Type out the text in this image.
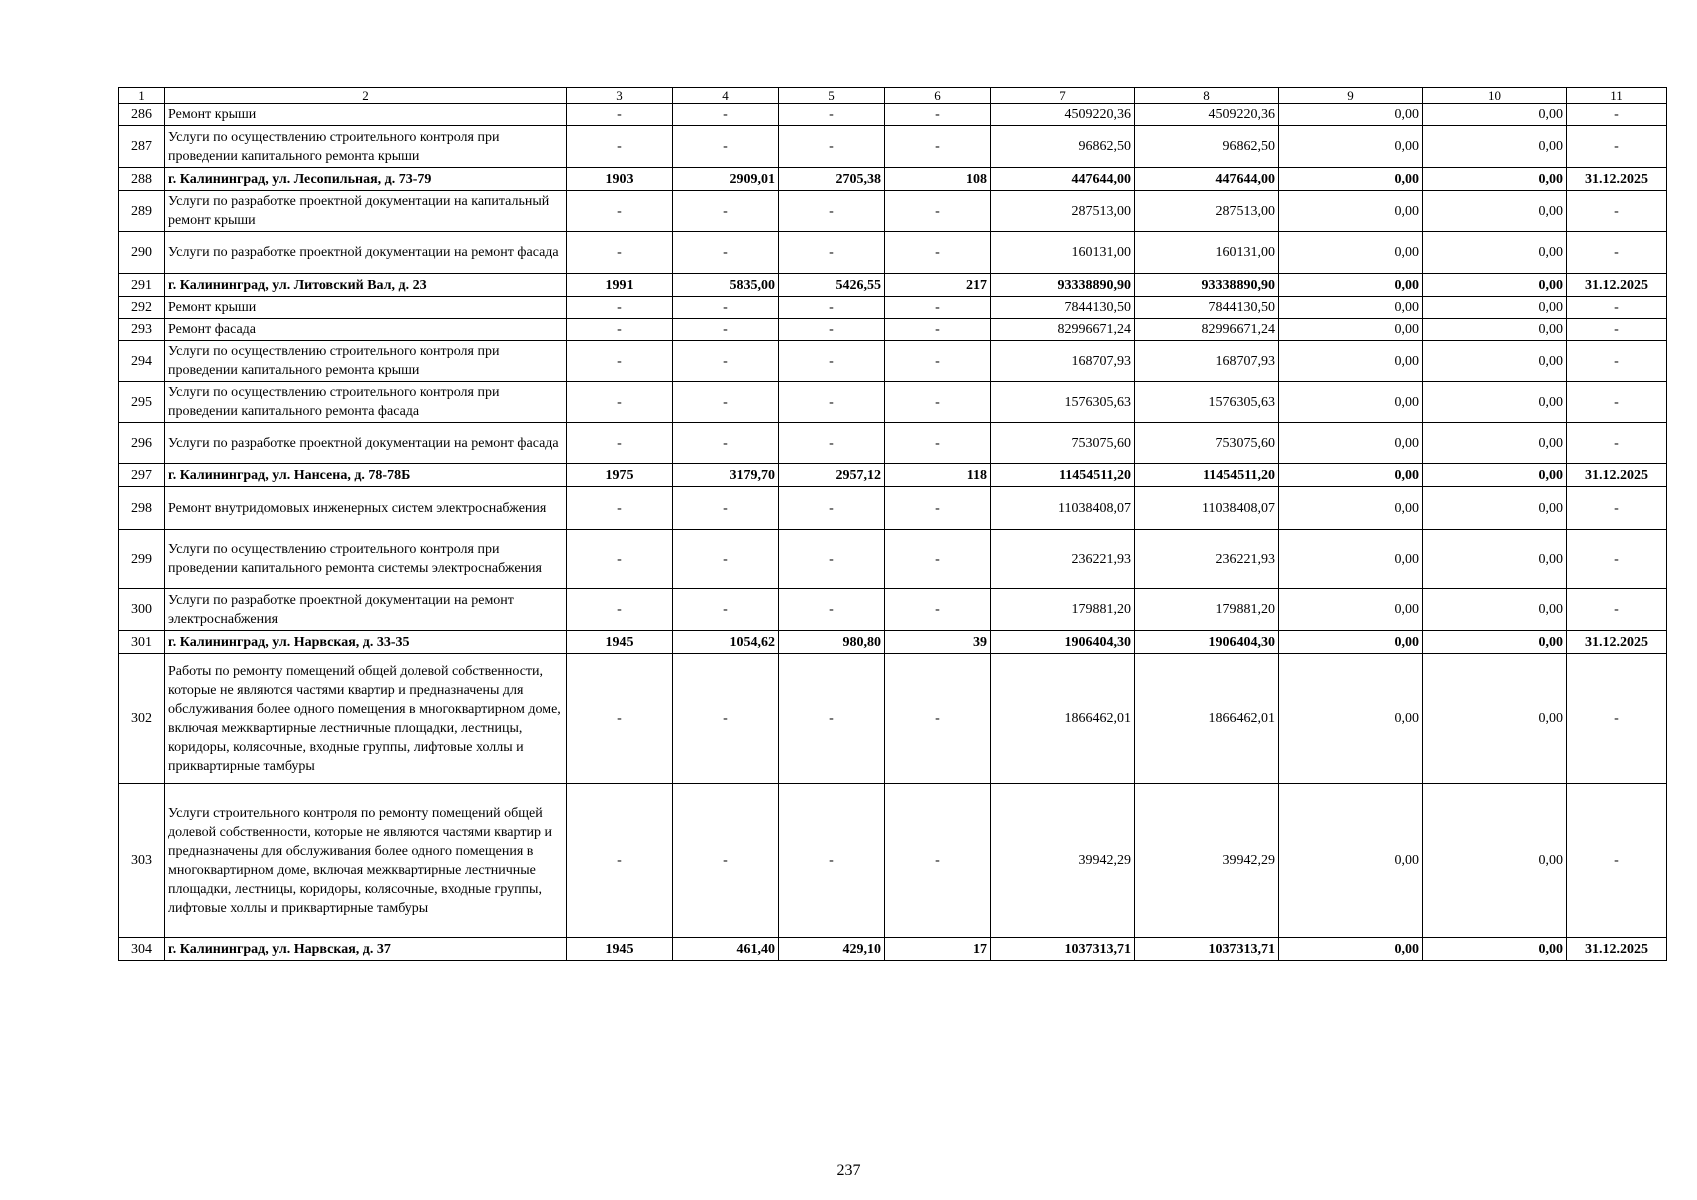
1	2	3	4	5	6	7	8	9	10	11
286	Ремонт крыши	-	-	-	-	4509220,36	4509220,36	0,00	0,00	-
287	Услуги по осуществлению строительного контроля при проведении капитального ремонта крыши	-	-	-	-	96862,50	96862,50	0,00	0,00	-
288	г. Калининград, ул. Лесопильная, д. 73-79	1903	2909,01	2705,38	108	447644,00	447644,00	0,00	0,00	31.12.2025
289	Услуги по разработке проектной документации на капитальный ремонт крыши	-	-	-	-	287513,00	287513,00	0,00	0,00	-
290	Услуги по разработке проектной документации на ремонт фасада	-	-	-	-	160131,00	160131,00	0,00	0,00	-
291	г. Калининград, ул. Литовский Вал, д. 23	1991	5835,00	5426,55	217	93338890,90	93338890,90	0,00	0,00	31.12.2025
292	Ремонт крыши	-	-	-	-	7844130,50	7844130,50	0,00	0,00	-
293	Ремонт фасада	-	-	-	-	82996671,24	82996671,24	0,00	0,00	-
294	Услуги по осуществлению строительного контроля при проведении капитального ремонта крыши	-	-	-	-	168707,93	168707,93	0,00	0,00	-
295	Услуги по осуществлению строительного контроля при проведении капитального ремонта фасада	-	-	-	-	1576305,63	1576305,63	0,00	0,00	-
296	Услуги по разработке проектной документации на ремонт фасада	-	-	-	-	753075,60	753075,60	0,00	0,00	-
297	г. Калининград, ул. Нансена, д. 78-78Б	1975	3179,70	2957,12	118	11454511,20	11454511,20	0,00	0,00	31.12.2025
298	Ремонт внутридомовых инженерных систем электроснабжения	-	-	-	-	11038408,07	11038408,07	0,00	0,00	-
299	Услуги по осуществлению строительного контроля при проведении капитального ремонта системы электроснабжения	-	-	-	-	236221,93	236221,93	0,00	0,00	-
300	Услуги по разработке проектной документации на ремонт электроснабжения	-	-	-	-	179881,20	179881,20	0,00	0,00	-
301	г. Калининград, ул. Нарвская, д. 33-35	1945	1054,62	980,80	39	1906404,30	1906404,30	0,00	0,00	31.12.2025
302	Работы по ремонту помещений общей долевой собственности, которые не являются частями квартир и предназначены для обслуживания более одного помещения в многоквартирном доме, включая межквартирные лестничные площадки, лестницы, коридоры, колясочные, входные группы, лифтовые холлы и приквартирные тамбуры	-	-	-	-	1866462,01	1866462,01	0,00	0,00	-
303	Услуги строительного контроля по ремонту помещений общей долевой собственности, которые не являются частями квартир и предназначены для обслуживания более одного помещения в многоквартирном доме, включая межквартирные лестничные площадки, лестницы, коридоры, колясочные, входные группы, лифтовые холлы и приквартирные тамбуры	-	-	-	-	39942,29	39942,29	0,00	0,00	-
304	г. Калининград, ул. Нарвская, д. 37	1945	461,40	429,10	17	1037313,71	1037313,71	0,00	0,00	31.12.2025
237
